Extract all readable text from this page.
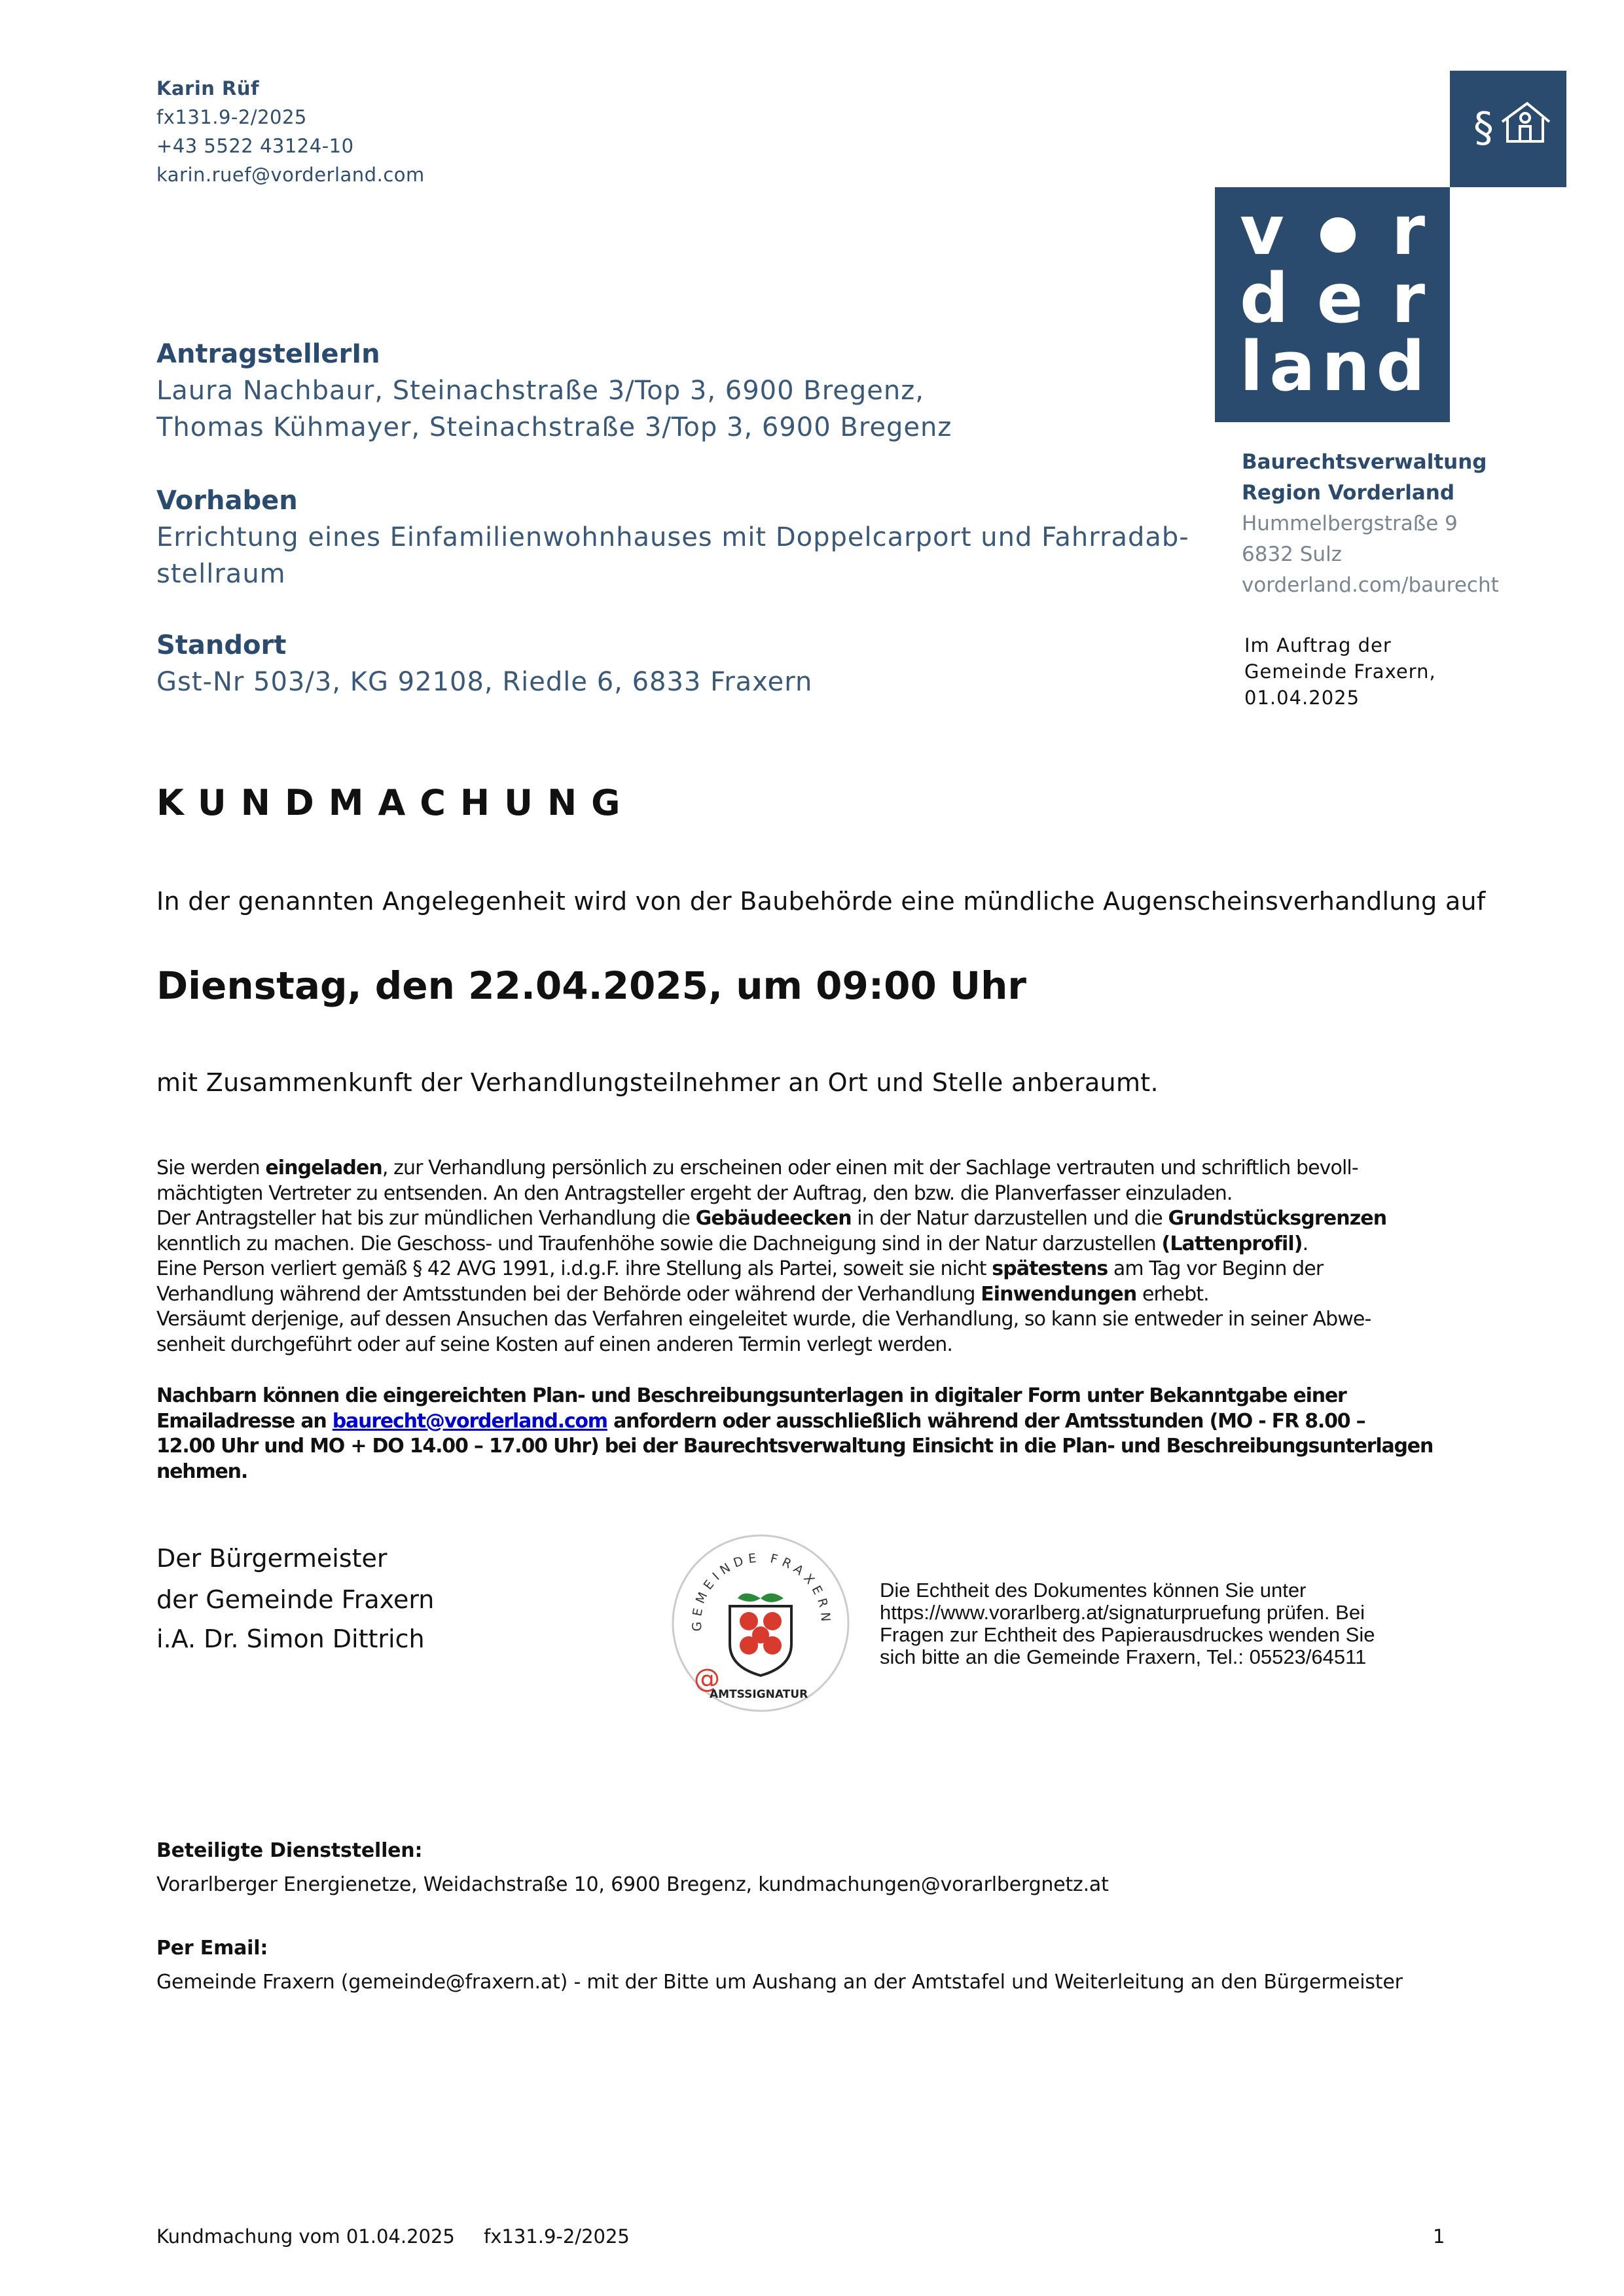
Karin Rüf
fx131.9-2/2025
+43 5522 43124-10
karin.ruef@vorderland.com
§
v r
d e r
l a n d
Baurechtsverwaltung
Region Vorderland
Hummelbergstraße 9
6832 Sulz
vorderland.com/baurecht
Im Auftrag der
Gemeinde Fraxern,
01.04.2025
AntragstellerIn
Laura Nachbaur, Steinachstraße 3/Top 3, 6900 Bregenz,
Thomas Kühmayer, Steinachstraße 3/Top 3, 6900 Bregenz
Vorhaben
Errichtung eines Einfamilienwohnhauses mit Doppelcarport und Fahrradab-
stellraum
Standort
Gst-Nr 503/3, KG 92108, Riedle 6, 6833 Fraxern
KUNDMACHUNG
In der genannten Angelegenheit wird von der Baubehörde eine mündliche Augenscheinsverhandlung auf
Dienstag, den 22.04.2025, um 09:00 Uhr
mit Zusammenkunft der Verhandlungsteilnehmer an Ort und Stelle anberaumt.
Sie werden eingeladen, zur Verhandlung persönlich zu erscheinen oder einen mit der Sachlage vertrauten und schriftlich bevoll-
mächtigten Vertreter zu entsenden. An den Antragsteller ergeht der Auftrag, den bzw. die Planverfasser einzuladen.
Der Antragsteller hat bis zur mündlichen Verhandlung die Gebäudeecken in der Natur darzustellen und die Grundstücksgrenzen
kenntlich zu machen. Die Geschoss- und Traufenhöhe sowie die Dachneigung sind in der Natur darzustellen (Lattenprofil).
Eine Person verliert gemäß § 42 AVG 1991, i.d.g.F. ihre Stellung als Partei, soweit sie nicht spätestens am Tag vor Beginn der
Verhandlung während der Amtsstunden bei der Behörde oder während der Verhandlung Einwendungen erhebt.
Versäumt derjenige, auf dessen Ansuchen das Verfahren eingeleitet wurde, die Verhandlung, so kann sie entweder in seiner Abwe-
senheit durchgeführt oder auf seine Kosten auf einen anderen Termin verlegt werden.
Nachbarn können die eingereichten Plan- und Beschreibungsunterlagen in digitaler Form unter Bekanntgabe einer
Emailadresse an baurecht@vorderland.com anfordern oder ausschließlich während der Amtsstunden (MO - FR 8.00 –
12.00 Uhr und MO + DO 14.00 – 17.00 Uhr) bei der Baurechtsverwaltung Einsicht in die Plan- und Beschreibungsunterlagen
nehmen.
Der Bürgermeister
der Gemeinde Fraxern

i.A. Dr. Simon Dittrich
GEMEINDE FRAXERN
@
AMTSSIGNATUR
Die Echtheit des Dokumentes können Sie unter
https://www.vorarlberg.at/signaturpruefung prüfen. Bei
Fragen zur Echtheit des Papierausdruckes wenden Sie
sich bitte an die Gemeinde Fraxern, Tel.: 05523/64511
Beteiligte Dienststellen:
Vorarlberger Energienetze, Weidachstraße 10, 6900 Bregenz, kundmachungen@vorarlbergnetz.at
Per Email:
Gemeinde Fraxern (gemeinde@fraxern.at) - mit der Bitte um Aushang an der Amtstafel und Weiterleitung an den Bürgermeister
Kundmachung vom 01.04.2025 fx131.9-2/2025	1
